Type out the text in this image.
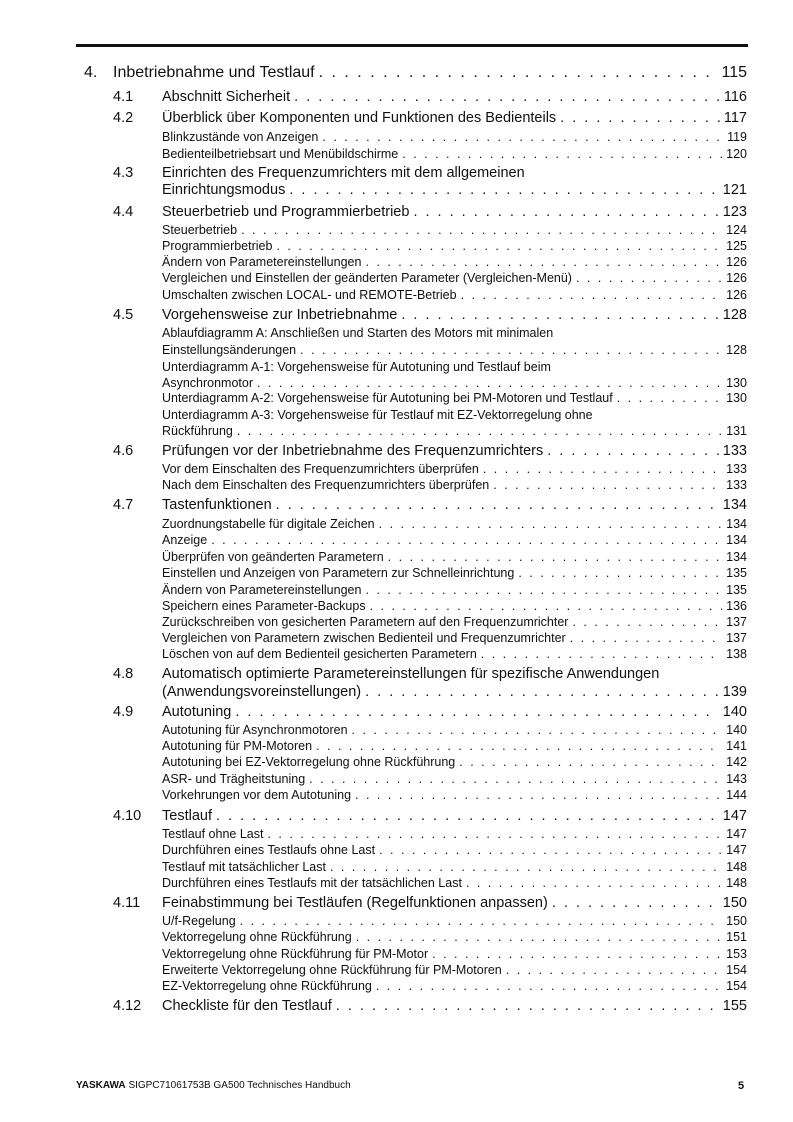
4. Inbetriebnahme und Testlauf . . .	115
4.1 Abschnitt Sicherheit . . .	116
4.2 Überblick über Komponenten und Funktionen des Bedienteils . . .	117
Blinkzustände von Anzeigen . . .	119
Bedienteilbetriebsart und Menübildschirme . . .	120
4.3 Einrichten des Frequenzumrichters mit dem allgemeinen
Einrichtungsmodus . . .	121
4.4 Steuerbetrieb und Programmierbetrieb . . .	123
Steuerbetrieb . . .	124
Programmierbetrieb . . .	125
Ändern von Parametereinstellungen . . .	126
Vergleichen und Einstellen der geänderten Parameter (Vergleichen-Menü) . . .	126
Umschalten zwischen LOCAL- und REMOTE-Betrieb . . .	126
4.5 Vorgehensweise zur Inbetriebnahme . . .	128
Ablaufdiagramm A: Anschließen und Starten des Motors mit minimalen
Einstellungsänderungen . . .	128
Unterdiagramm A-1: Vorgehensweise für Autotuning und Testlauf beim
Asynchronmotor . . .	130
Unterdiagramm A-2: Vorgehensweise für Autotuning bei PM-Motoren und Testlauf . . .	130
Unterdiagramm A-3: Vorgehensweise für Testlauf mit EZ-Vektorregelung ohne
Rückführung . . .	131
4.6 Prüfungen vor der Inbetriebnahme des Frequenzumrichters . . .	133
Vor dem Einschalten des Frequenzumrichters überprüfen . . .	133
Nach dem Einschalten des Frequenzumrichters überprüfen . . .	133
4.7 Tastenfunktionen . . .	134
Zuordnungstabelle für digitale Zeichen . . .	134
Anzeige . . .	134
Überprüfen von geänderten Parametern . . .	134
Einstellen und Anzeigen von Parametern zur Schnelleinrichtung . . .	135
Ändern von Parametereinstellungen . . .	135
Speichern eines Parameter-Backups . . .	136
Zurückschreiben von gesicherten Parametern auf den Frequenzumrichter . . .	137
Vergleichen von Parametern zwischen Bedienteil und Frequenzumrichter . . .	137
Löschen von auf dem Bedienteil gesicherten Parametern . . .	138
4.8 Automatisch optimierte Parametereinstellungen für spezifische Anwendungen
(Anwendungsvoreinstellungen) . . .	139
4.9 Autotuning . . .	140
Autotuning für Asynchronmotoren . . .	140
Autotuning für PM-Motoren . . .	141
Autotuning bei EZ-Vektorregelung ohne Rückführung . . .	142
ASR- und Trägheitstuning . . .	143
Vorkehrungen vor dem Autotuning . . .	144
4.10 Testlauf . . .	147
Testlauf ohne Last . . .	147
Durchführen eines Testlaufs ohne Last . . .	147
Testlauf mit tatsächlicher Last . . .	148
Durchführen eines Testlaufs mit der tatsächlichen Last . . .	148
4.11 Feinabstimmung bei Testläufen (Regelfunktionen anpassen) . . .	150
U/f-Regelung . . .	150
Vektorregelung ohne Rückführung . . .	151
Vektorregelung ohne Rückführung für PM-Motor . . .	153
Erweiterte Vektorregelung ohne Rückführung für PM-Motoren . . .	154
EZ-Vektorregelung ohne Rückführung . . .	154
4.12 Checkliste für den Testlauf . . .	155
YASKAWA SIGPC71061753B GA500 Technisches Handbuch	5
